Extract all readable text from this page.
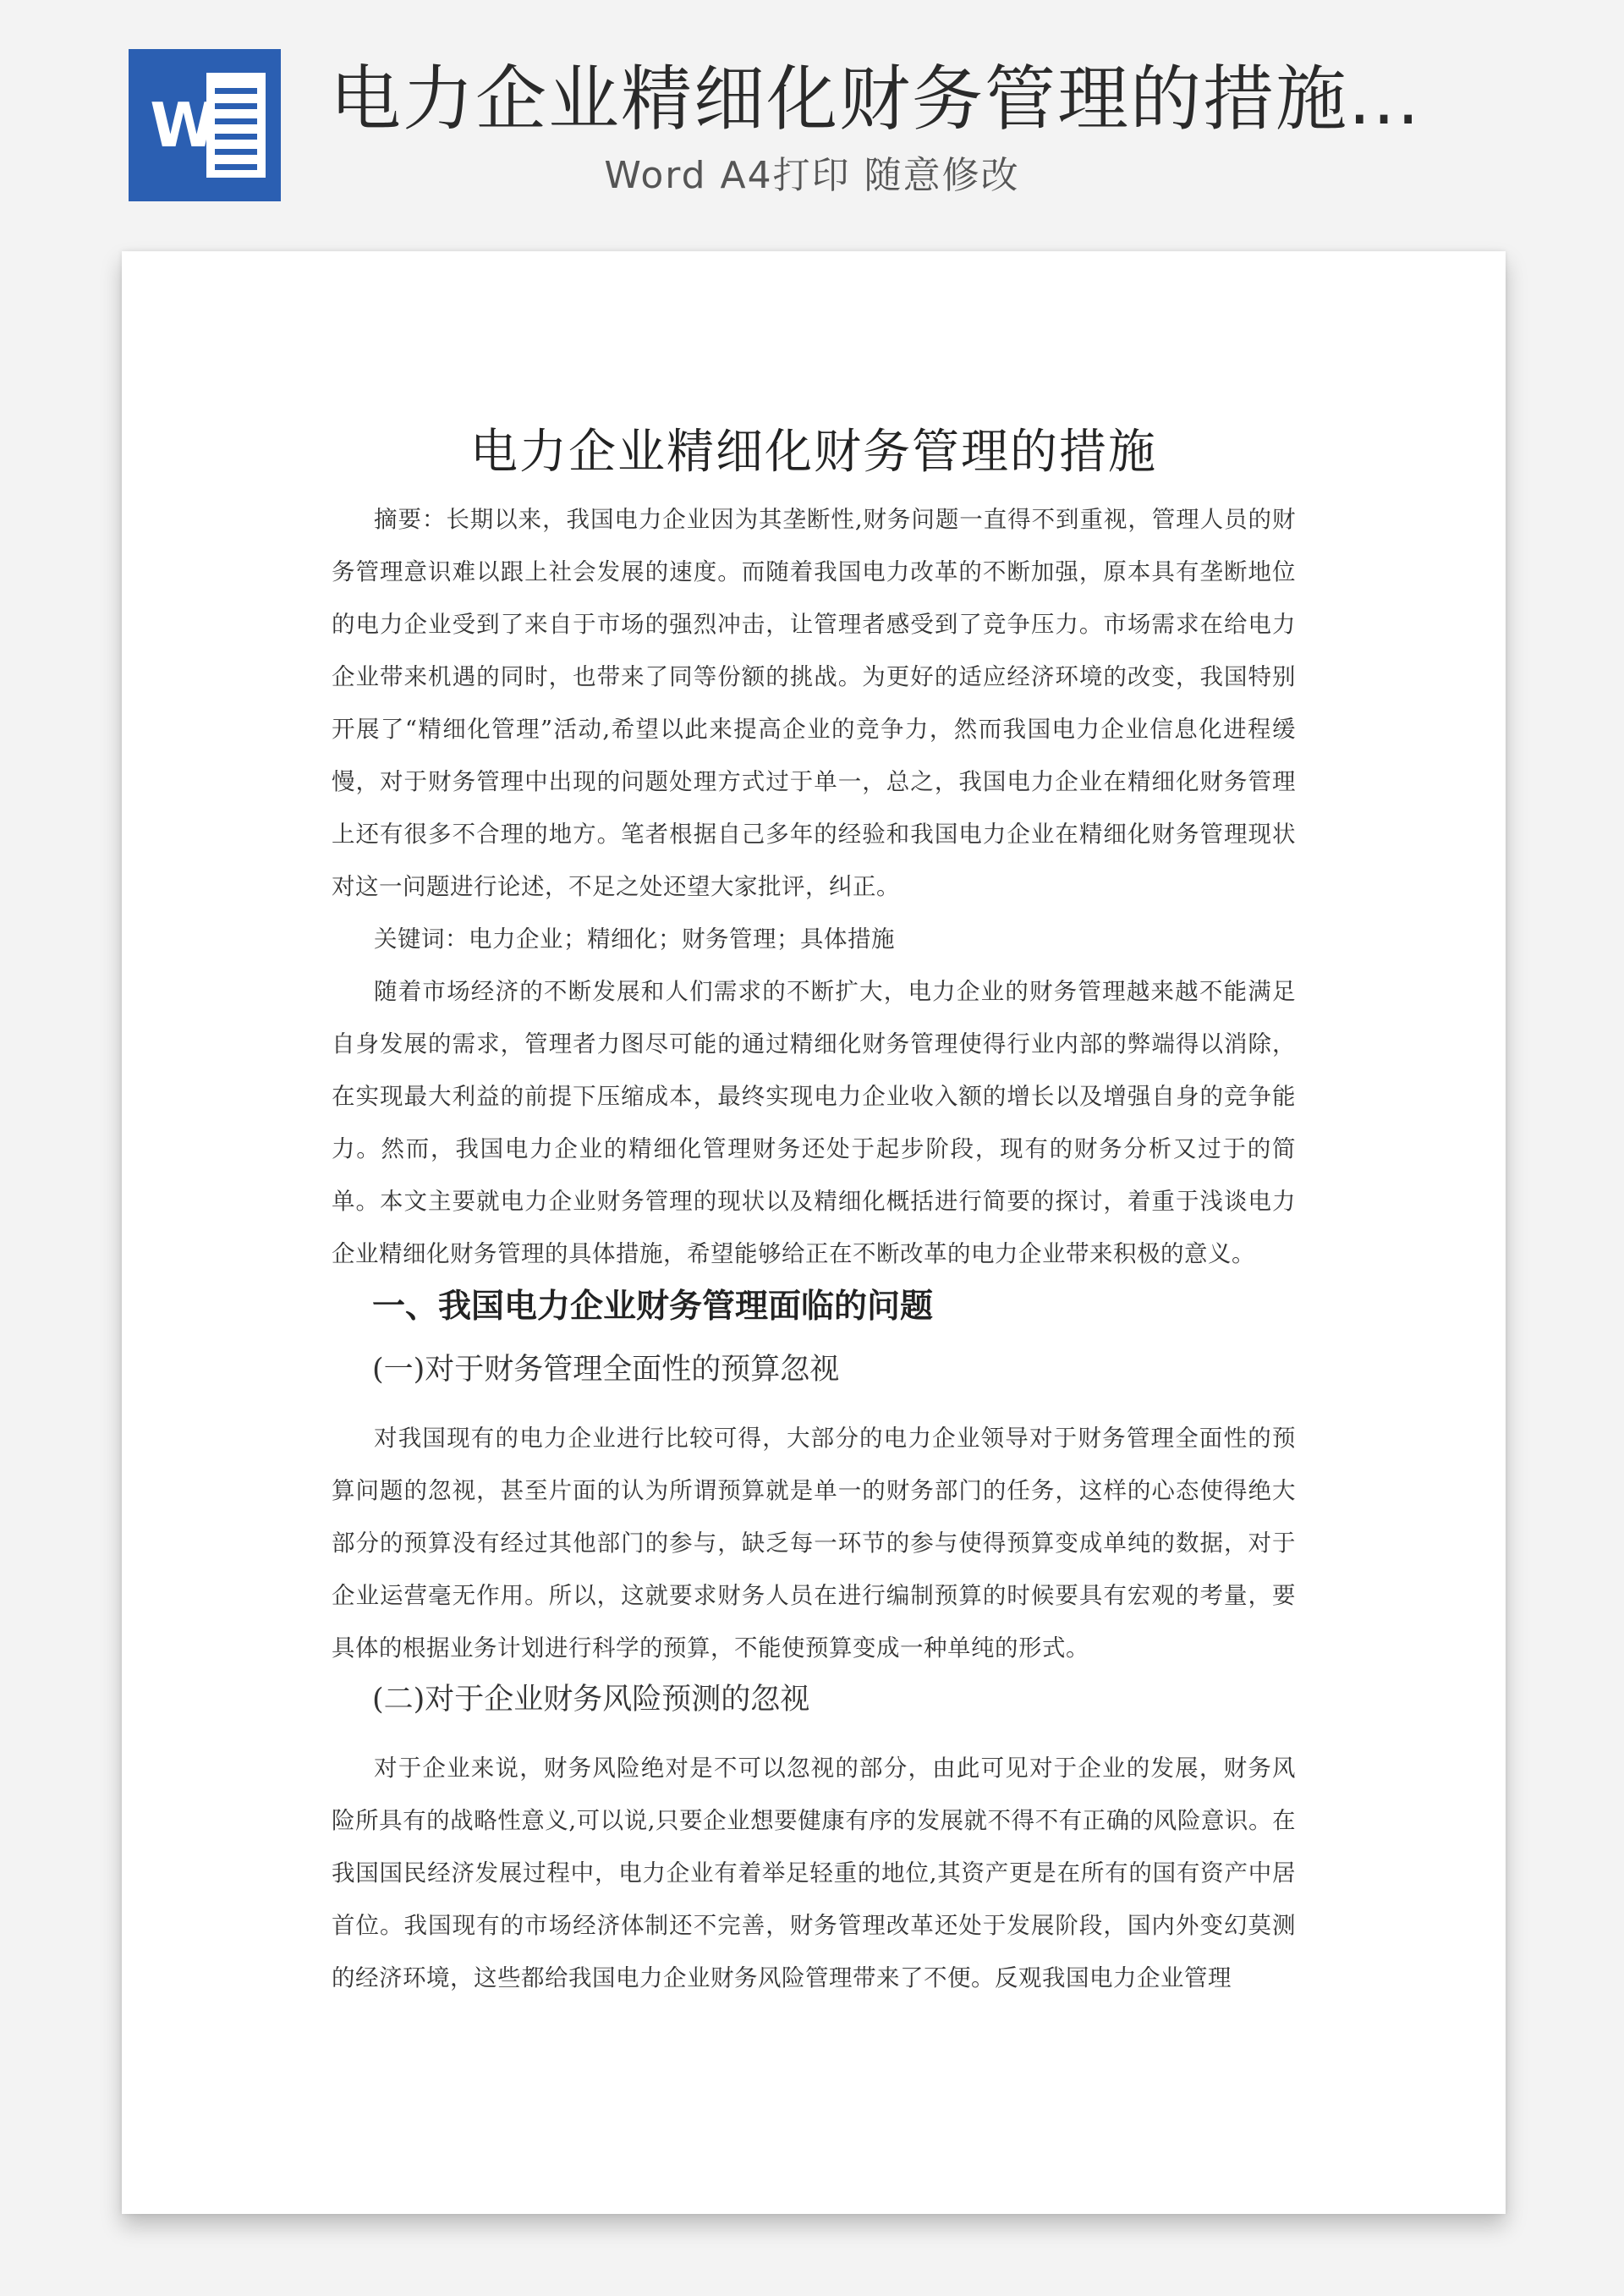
W 电力企业精细化财务管理的措施...
Word A4打印 随意修改
电力企业精细化财务管理的措施

摘要：长期以来，我国电力企业因为其垄断性,财务问题一直得不到重视，管理人员的财务管理意识难以跟上社会发展的速度。而随着我国电力改革的不断加强，原本具有垄断地位的电力企业受到了来自于市场的强烈冲击，让管理者感受到了竞争压力。市场需求在给电力企业带来机遇的同时，也带来了同等份额的挑战。为更好的适应经济环境的改变，我国特别开展了“精细化管理”活动,希望以此来提高企业的竞争力，然而我国电力企业信息化进程缓慢，对于财务管理中出现的问题处理方式过于单一，总之，我国电力企业在精细化财务管理上还有很多不合理的地方。笔者根据自己多年的经验和我国电力企业在精细化财务管理现状对这一问题进行论述，不足之处还望大家批评，纠正。

关键词：电力企业；精细化；财务管理；具体措施

随着市场经济的不断发展和人们需求的不断扩大，电力企业的财务管理越来越不能满足自身发展的需求，管理者力图尽可能的通过精细化财务管理使得行业内部的弊端得以消除，在实现最大利益的前提下压缩成本，最终实现电力企业收入额的增长以及增强自身的竞争能力。然而，我国电力企业的精细化管理财务还处于起步阶段，现有的财务分析又过于的简单。本文主要就电力企业财务管理的现状以及精细化概括进行简要的探讨，着重于浅谈电力企业精细化财务管理的具体措施，希望能够给正在不断改革的电力企业带来积极的意义。

一、我国电力企业财务管理面临的问题
(一)对于财务管理全面性的预算忽视

对我国现有的电力企业进行比较可得，大部分的电力企业领导对于财务管理全面性的预算问题的忽视，甚至片面的认为所谓预算就是单一的财务部门的任务，这样的心态使得绝大部分的预算没有经过其他部门的参与，缺乏每一环节的参与使得预算变成单纯的数据，对于企业运营毫无作用。所以，这就要求财务人员在进行编制预算的时候要具有宏观的考量，要具体的根据业务计划进行科学的预算，不能使预算变成一种单纯的形式。

(二)对于企业财务风险预测的忽视

对于企业来说，财务风险绝对是不可以忽视的部分，由此可见对于企业的发展，财务风险所具有的战略性意义,可以说,只要企业想要健康有序的发展就不得不有正确的风险意识。在我国国民经济发展过程中，电力企业有着举足轻重的地位,其资产更是在所有的国有资产中居首位。我国现有的市场经济体制还不完善，财务管理改革还处于发展阶段，国内外变幻莫测的经济环境，这些都给我国电力企业财务风险管理带来了不便。反观我国电力企业管理
